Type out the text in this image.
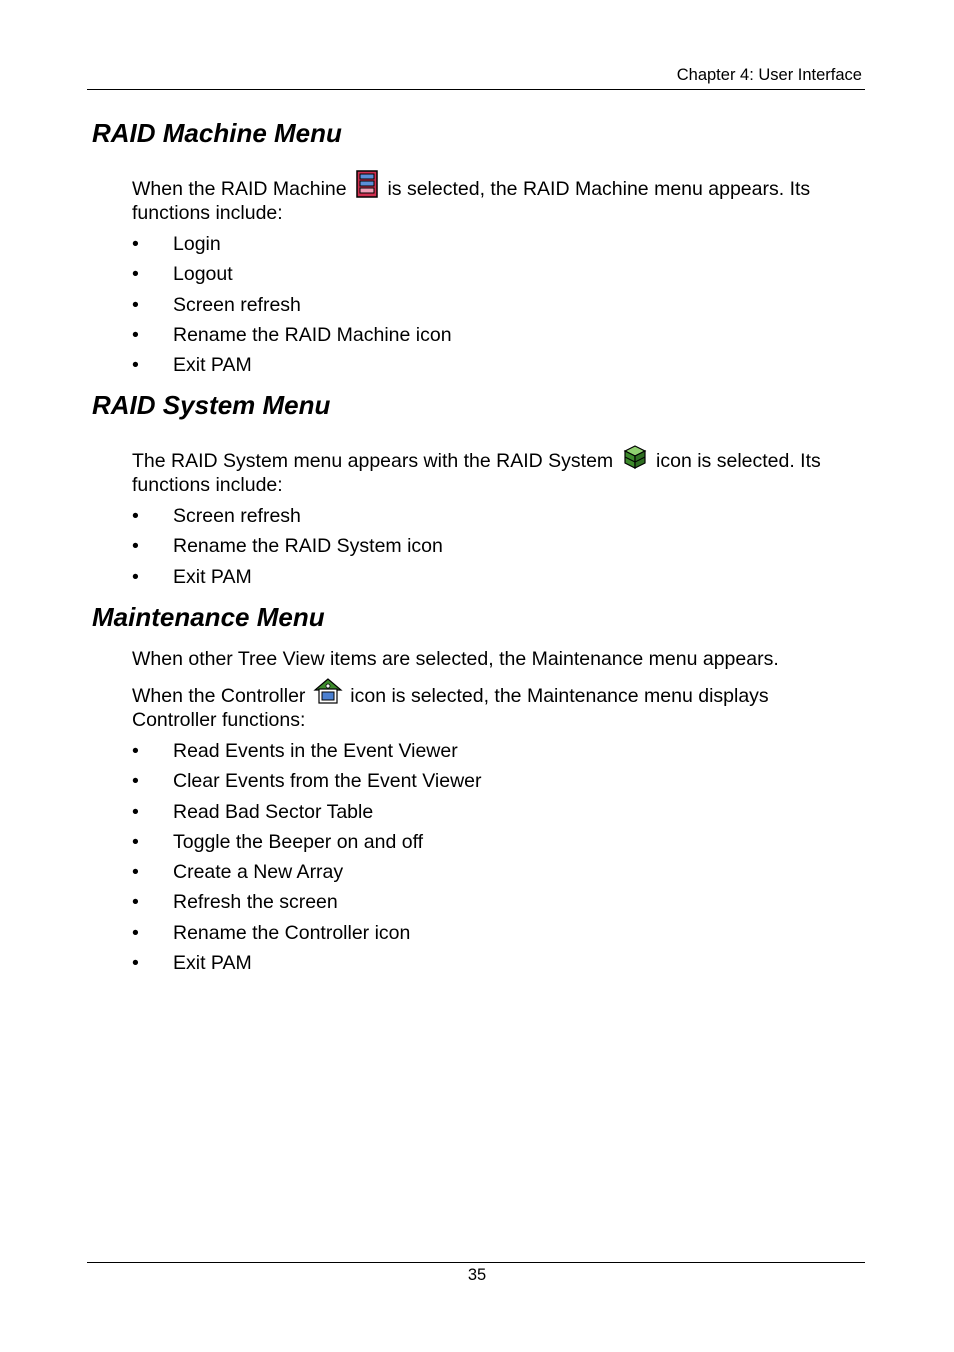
Chapter 4: User Interface
RAID Machine Menu

When the RAID Machine is selected, the RAID Machine menu appears. Its
functions include:

•	Login
•	Logout
•	Screen refresh
•	Rename the RAID Machine icon
•	Exit PAM
RAID System Menu

The RAID System menu appears with the RAID System icon is selected. Its
functions include:

•	Screen refresh
•	Rename the RAID System icon
•	Exit PAM
Maintenance Menu

When other Tree View items are selected, the Maintenance menu appears.

When the Controller icon is selected, the Maintenance menu displays
Controller functions:

•	Read Events in the Event Viewer
•	Clear Events from the Event Viewer
•	Read Bad Sector Table
•	Toggle the Beeper on and off
•	Create a New Array
•	Refresh the screen
•	Rename the Controller icon
•	Exit PAM
35
